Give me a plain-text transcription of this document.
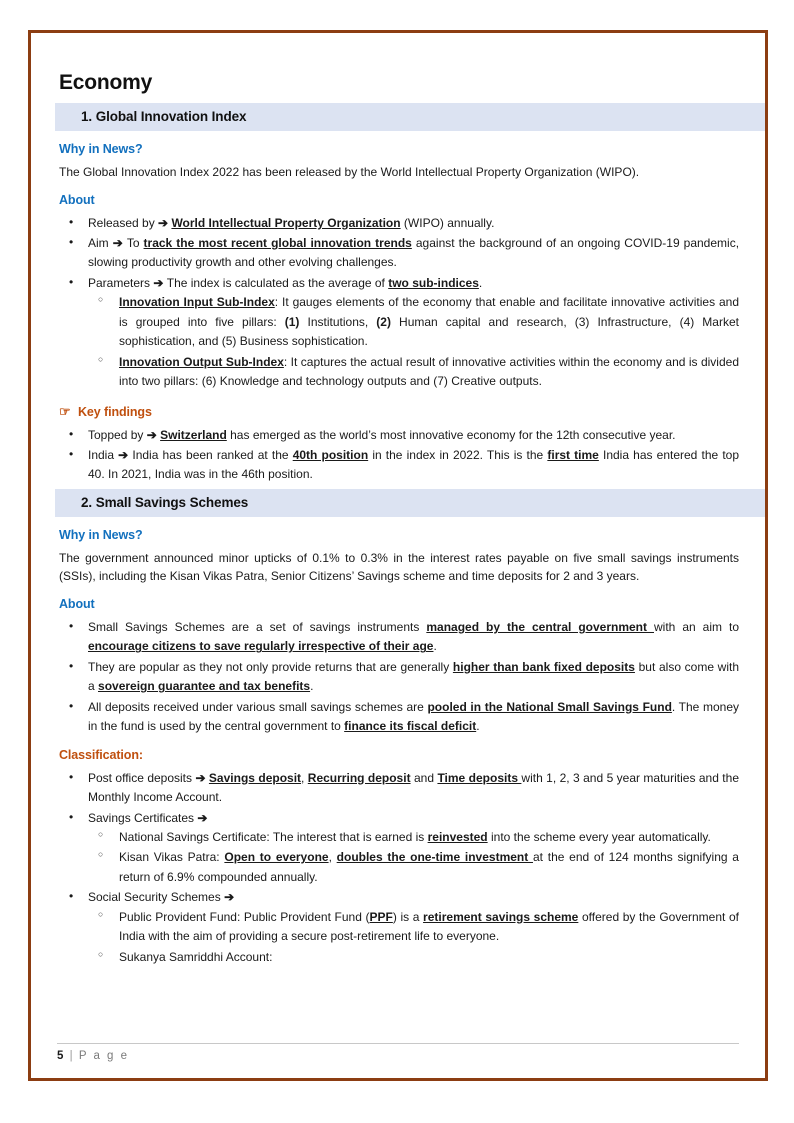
Economy
1. Global Innovation Index
Why in News?

The Global Innovation Index 2022 has been released by the World Intellectual Property Organization (WIPO).

About
• Released by ➔ World Intellectual Property Organization (WIPO) annually.
• Aim ➔ To track the most recent global innovation trends against the background of an ongoing COVID-19 pandemic, slowing productivity growth and other evolving challenges.
• Parameters ➔ The index is calculated as the average of two sub-indices.
○ Innovation Input Sub-Index: It gauges elements of the economy that enable and facilitate innovative activities and is grouped into five pillars: (1) Institutions, (2) Human capital and research, (3) Infrastructure, (4) Market sophistication, and (5) Business sophistication.
○ Innovation Output Sub-Index: It captures the actual result of innovative activities within the economy and is divided into two pillars: (6) Knowledge and technology outputs and (7) Creative outputs.
☞ Key findings
• Topped by ➔ Switzerland has emerged as the world’s most innovative economy for the 12th consecutive year.
• India ➔ India has been ranked at the 40th position in the index in 2022. This is the first time India has entered the top 40. In 2021, India was in the 46th position.
2. Small Savings Schemes
Why in News?

The government announced minor upticks of 0.1% to 0.3% in the interest rates payable on five small savings instruments (SSIs), including the Kisan Vikas Patra, Senior Citizens’ Savings scheme and time deposits for 2 and 3 years.

About
• Small Savings Schemes are a set of savings instruments managed by the central government with an aim to encourage citizens to save regularly irrespective of their age.
• They are popular as they not only provide returns that are generally higher than bank fixed deposits but also come with a sovereign guarantee and tax benefits.
• All deposits received under various small savings schemes are pooled in the National Small Savings Fund. The money in the fund is used by the central government to finance its fiscal deficit.
Classification:
• Post office deposits ➔ Savings deposit, Recurring deposit and Time deposits with 1, 2, 3 and 5 year maturities and the Monthly Income Account.
• Savings Certificates ➔
○ National Savings Certificate: The interest that is earned is reinvested into the scheme every year automatically.
○ Kisan Vikas Patra: Open to everyone, doubles the one-time investment at the end of 124 months signifying a return of 6.9% compounded annually.
• Social Security Schemes ➔
○ Public Provident Fund: Public Provident Fund (PPF) is a retirement savings scheme offered by the Government of India with the aim of providing a secure post-retirement life to everyone.
○ Sukanya Samriddhi Account:
5 | P a g e
